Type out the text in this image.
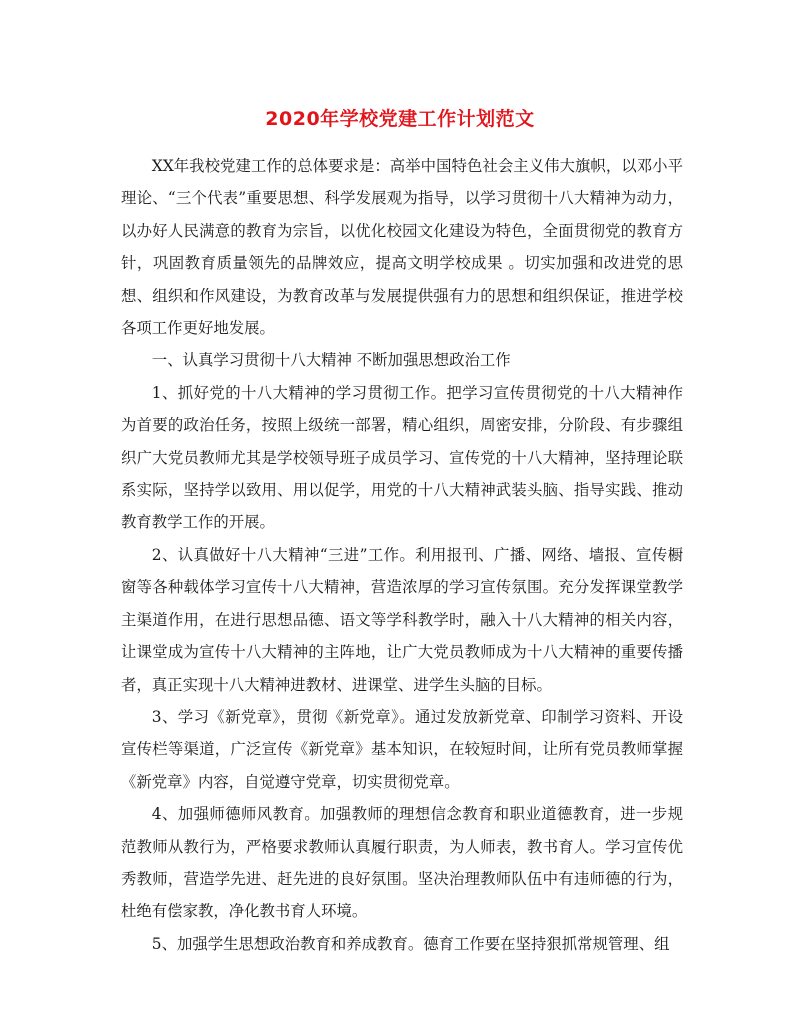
2020年学校党建工作计划范文

XX年我校党建工作的总体要求是：高举中国特色社会主义伟大旗帜，以邓小平理论、“三个代表”重要思想、科学发展观为指导，以学习贯彻十八大精神为动力，以办好人民满意的教育为宗旨，以优化校园文化建设为特色，全面贯彻党的教育方针，巩固教育质量领先的品牌效应，提高文明学校成果 。切实加强和改进党的思想、组织和作风建设，为教育改革与发展提供强有力的思想和组织保证，推进学校各项工作更好地发展。

一、认真学习贯彻十八大精神 不断加强思想政治工作

1、抓好党的十八大精神的学习贯彻工作。把学习宣传贯彻党的十八大精神作为首要的政治任务，按照上级统一部署，精心组织，周密安排，分阶段、有步骤组织广大党员教师尤其是学校领导班子成员学习、宣传党的十八大精神，坚持理论联系实际，坚持学以致用、用以促学，用党的十八大精神武装头脑、指导实践、推动教育教学工作的开展。

2、认真做好十八大精神“三进”工作。利用报刊、广播、网络、墙报、宣传橱窗等各种载体学习宣传十八大精神，营造浓厚的学习宣传氛围。充分发挥课堂教学主渠道作用，在进行思想品德、语文等学科教学时，融入十八大精神的相关内容，让课堂成为宣传十八大精神的主阵地，让广大党员教师成为十八大精神的重要传播者，真正实现十八大精神进教材、进课堂、进学生头脑的目标。

3、学习《新党章》，贯彻《新党章》。通过发放新党章、印制学习资料、开设宣传栏等渠道，广泛宣传《新党章》基本知识，在较短时间，让所有党员教师掌握《新党章》内容，自觉遵守党章，切实贯彻党章。

4、加强师德师风教育。加强教师的理想信念教育和职业道德教育，进一步规范教师从教行为，严格要求教师认真履行职责，为人师表，教书育人。学习宣传优秀教师，营造学先进、赶先进的良好氛围。坚决治理教师队伍中有违师德的行为，杜绝有偿家教，净化教书育人环境。

5、加强学生思想政治教育和养成教育。德育工作要在坚持狠抓常规管理、组
